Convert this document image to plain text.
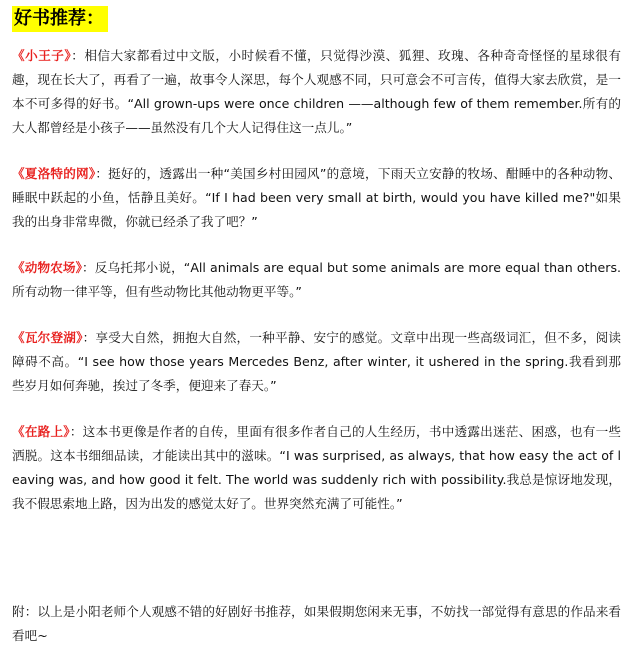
好书推荐：
《小王子》：相信大家都看过中文版，小时候看不懂，只觉得沙漠、狐狸、玫瑰、各种奇奇怪怪的星球很有趣，现在长大了，再看了一遍，故事令人深思，每个人观感不同，只可意会不可言传，值得大家去欣赏，是一本不可多得的好书。“All grown-ups were once children ——although few of them remember.所有的大人都曾经是小孩子——虽然没有几个大人记得住这一点儿。”
《夏洛特的网》：挺好的，透露出一种“美国乡村田园风”的意境，下雨天立安静的牧场、酣睡中的各种动物、睡眠中跃起的小鱼，恬静且美好。“If I had been very small at birth, would you have killed me?"如果我的出身非常卑微，你就已经杀了我了吧？”
《动物农场》：反乌托邦小说，“All animals are equal but some animals are more equal than others.所有动物一律平等，但有些动物比其他动物更平等。”
《瓦尔登湖》：享受大自然，拥抱大自然，一种平静、安宁的感觉。文章中出现一些高级词汇，但不多，阅读障碍不高。“I see how those years Mercedes Benz, after winter, it ushered in the spring.我看到那些岁月如何奔驰，挨过了冬季，便迎来了春天。”
《在路上》：这本书更像是作者的自传，里面有很多作者自己的人生经历，书中透露出迷茫、困惑，也有一些洒脱。这本书细细品读，才能读出其中的滋味。“I was surprised, as always, that how easy the act of leaving was, and how good it felt. The world was suddenly rich with possibility.我总是惊讶地发现，我不假思索地上路，因为出发的感觉太好了。世界突然充满了可能性。”
附：以上是小阳老师个人观感不错的好剧好书推荐，如果假期您闲来无事，不妨找一部觉得有意思的作品来看看吧~
